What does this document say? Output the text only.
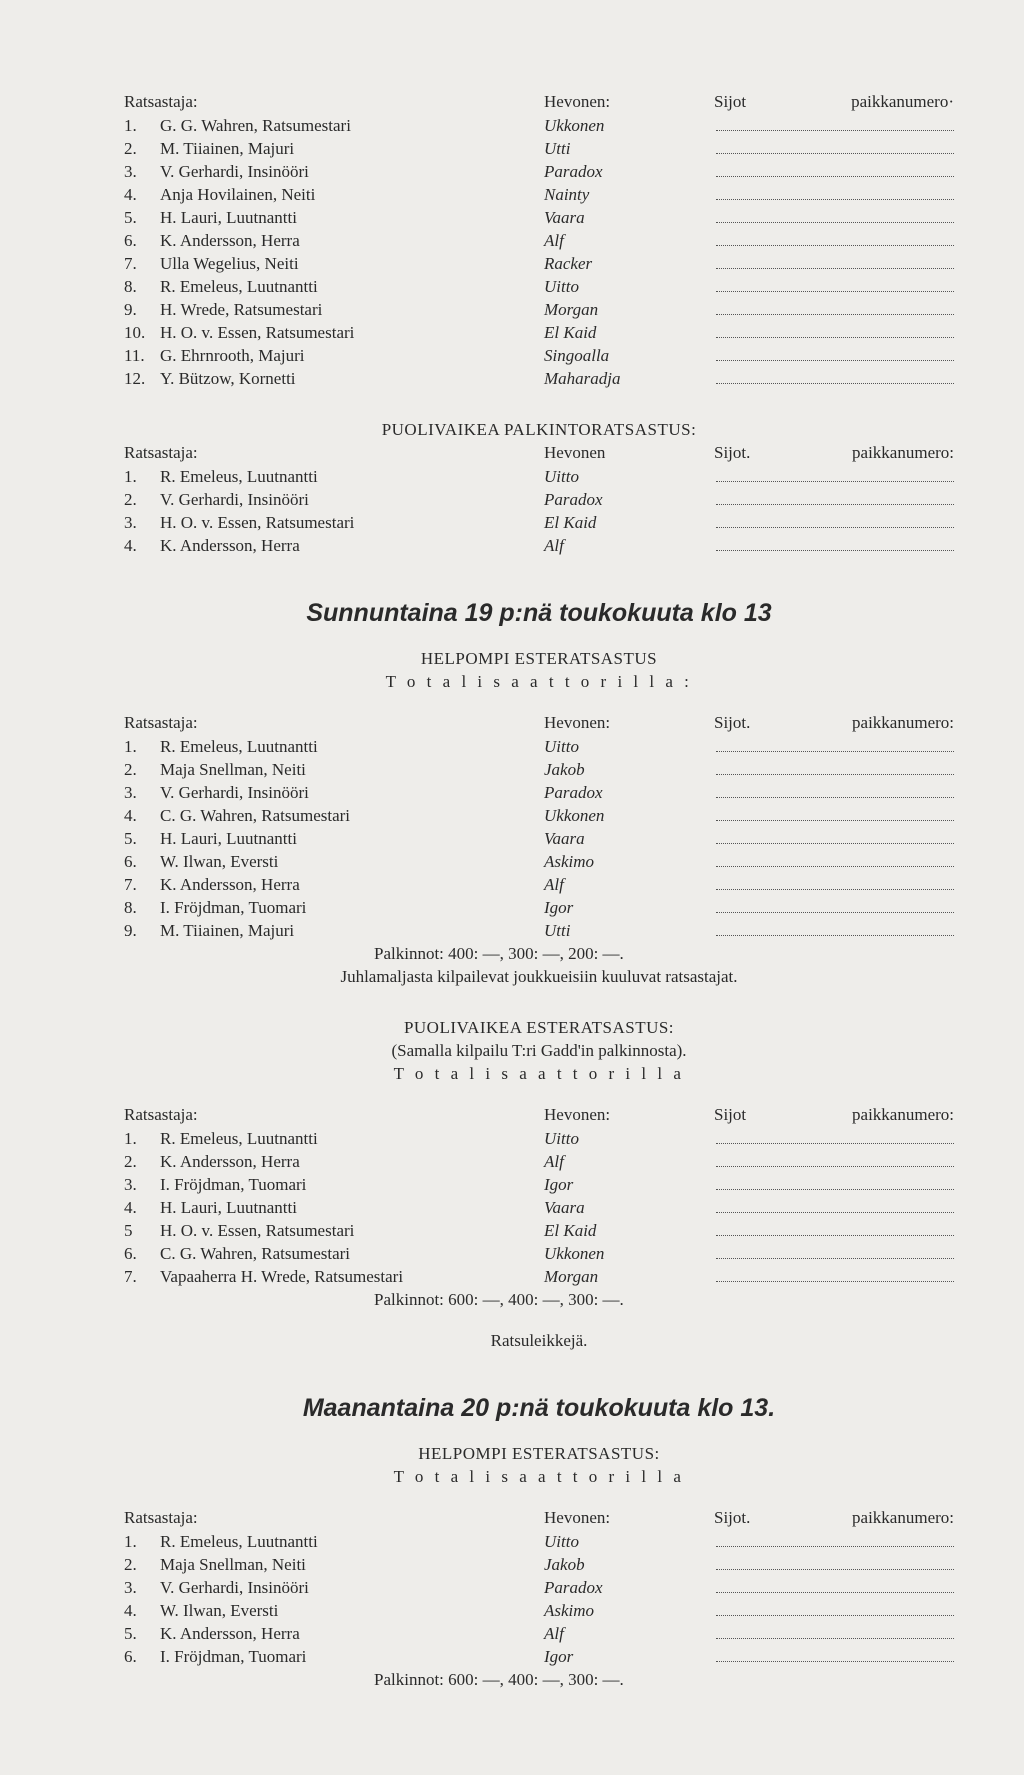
Ratsastaja:	Hevonen:	Sijot	paikkanumero·
1.	G. G. Wahren, Ratsumestari	Ukkonen
2.	M. Tiiainen, Majuri	Utti
3.	V. Gerhardi, Insinööri	Paradox
4.	Anja Hovilainen, Neiti	Nainty
5.	H. Lauri, Luutnantti	Vaara
6.	K. Andersson, Herra	Alf
7.	Ulla Wegelius, Neiti	Racker
8.	R. Emeleus, Luutnantti	Uitto
9.	H. Wrede, Ratsumestari	Morgan
10. H. O. v. Essen, Ratsumestari	El Kaid
11. G. Ehrnrooth, Majuri	Singoalla
12. Y. Bützow, Kornetti	Maharadja
PUOLIVAIKEA PALKINTORATSASTUS:
Ratsastaja:	Hevonen	Sijot.	paikkanumero:
1.	R. Emeleus, Luutnantti	Uitto
2.	V. Gerhardi, Insinööri	Paradox
3.	H. O. v. Essen, Ratsumestari	El Kaid
4.	K. Andersson, Herra	Alf
Sunnuntaina 19 p:nä toukokuuta klo 13
HELPOMPI ESTERATSASTUS
T o t a l i s a a t t o r i l l a :
Ratsastaja:	Hevonen:	Sijot.	paikkanumero:
1.	R. Emeleus, Luutnantti	Uitto
2.	Maja Snellman, Neiti	Jakob
3.	V. Gerhardi, Insinööri	Paradox
4.	C. G. Wahren, Ratsumestari	Ukkonen
5.	H. Lauri, Luutnantti	Vaara
6.	W. Ilwan, Eversti	Askimo
7.	K. Andersson, Herra	Alf
8.	I. Fröjdman, Tuomari	Igor
9.	M. Tiiainen, Majuri	Utti
Palkinnot: 400: —, 300: —, 200: —.
Juhlamaljasta kilpailevat joukkueisiin kuuluvat ratsastajat.
PUOLIVAIKEA ESTERATSASTUS:
(Samalla kilpailu T:ri Gadd'in palkinnosta).
T o t a l i s a a t t o r i l l a
Ratsastaja:	Hevonen:	Sijot	paikkanumero:
1.	R. Emeleus, Luutnantti	Uitto
2.	K. Andersson, Herra	Alf
3.	I. Fröjdman, Tuomari	Igor
4.	H. Lauri, Luutnantti	Vaara
5	H. O. v. Essen, Ratsumestari	El Kaid
6.	C. G. Wahren, Ratsumestari	Ukkonen
7.	Vapaaherra H. Wrede, Ratsumestari	Morgan
Palkinnot: 600: —, 400: —, 300: —.
Ratsuleikkejä.
Maanantaina 20 p:nä toukokuuta klo 13.
HELPOMPI ESTERATSASTUS:
T o t a l i s a a t t o r i l l a
Ratsastaja:	Hevonen:	Sijot.	paikkanumero:
1.	R. Emeleus, Luutnantti	Uitto
2.	Maja Snellman, Neiti	Jakob
3.	V. Gerhardi, Insinööri	Paradox
4.	W. Ilwan, Eversti	Askimo
5.	K. Andersson, Herra	Alf
6.	I. Fröjdman, Tuomari	Igor
Palkinnot: 600: —, 400: —, 300: —.
